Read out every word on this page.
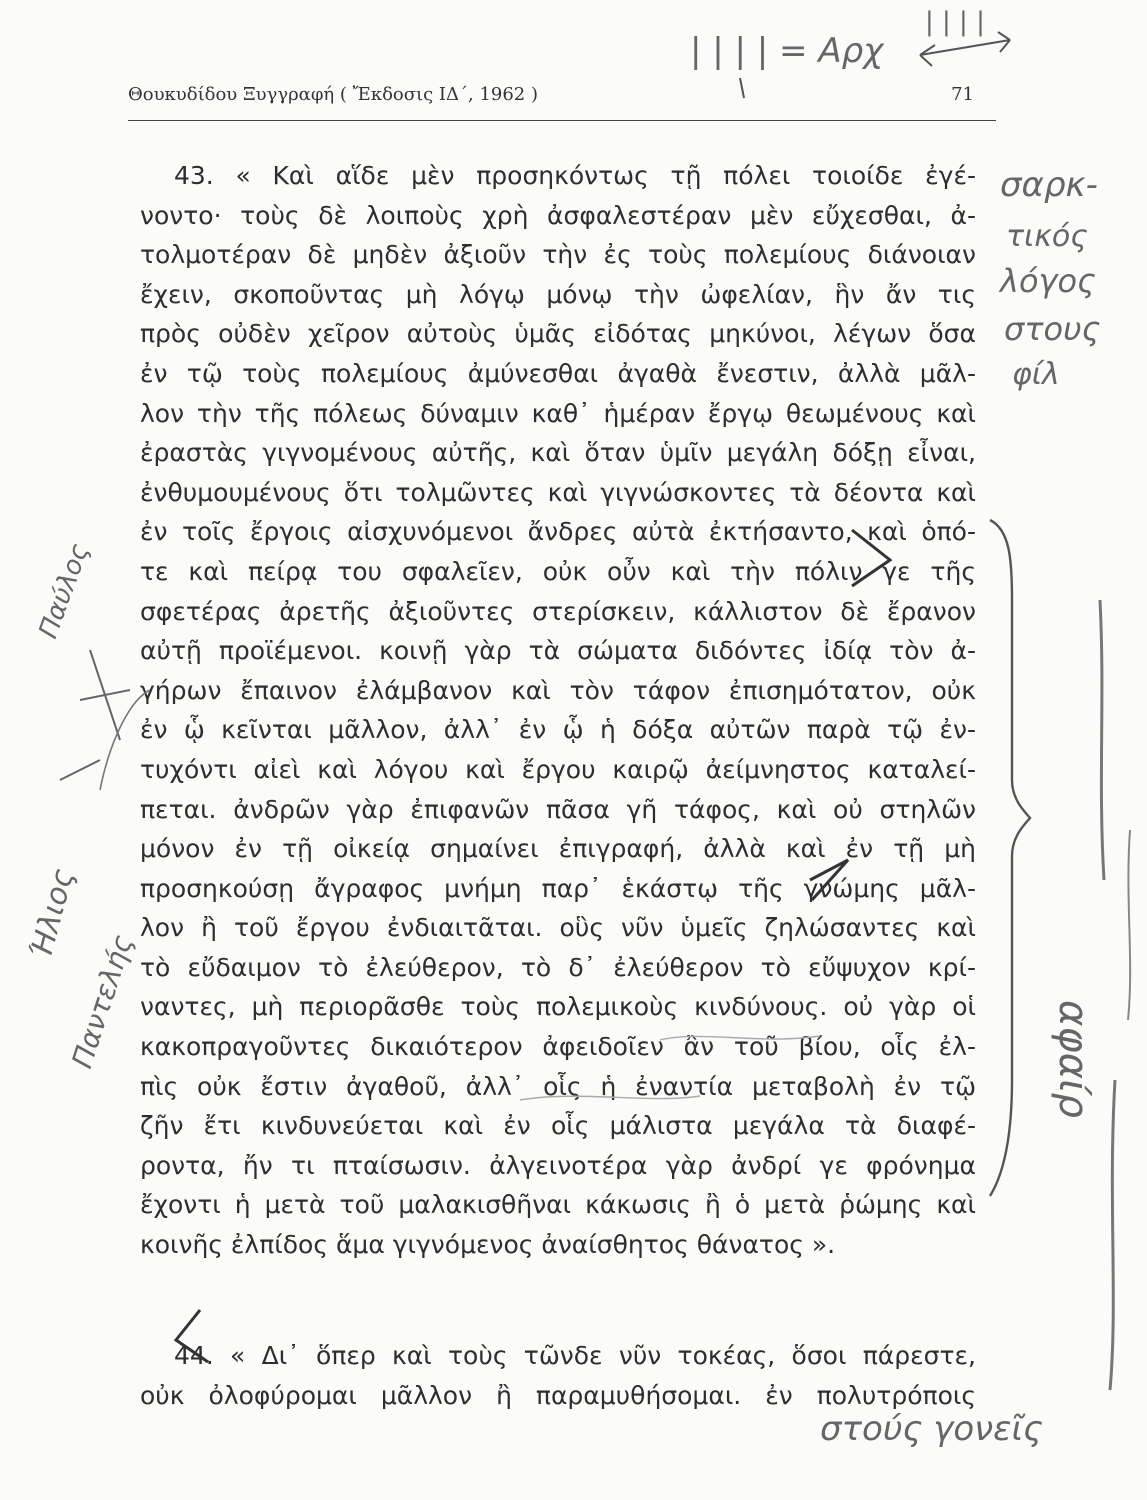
Θουκυδίδου Ξυγγραφή ( Ἔκδοσις ΙΔ΄, 1962 )	71
43. « Καὶ αἵδε μὲν προσηκόντως τῇ πόλει τοιοίδε ἐγέ-
νοντο· τοὺς δὲ λοιποὺς χρὴ ἀσφαλεστέραν μὲν εὔχεσθαι, ἀ-
τολμοτέραν δὲ μηδὲν ἀξιοῦν τὴν ἐς τοὺς πολεμίους διάνοιαν
ἔχειν, σκοποῦντας μὴ λόγῳ μόνῳ τὴν ὠφελίαν, ἣν ἄν τις
πρὸς οὐδὲν χεῖρον αὐτοὺς ὑμᾶς εἰδότας μηκύνοι, λέγων ὅσα
ἐν τῷ τοὺς πολεμίους ἀμύνεσθαι ἀγαθὰ ἔνεστιν, ἀλλὰ μᾶλ-
λον τὴν τῆς πόλεως δύναμιν καθ᾽ ἡμέραν ἔργῳ θεωμένους καὶ
ἐραστὰς γιγνομένους αὐτῆς, καὶ ὅταν ὑμῖν μεγάλη δόξῃ εἶναι,
ἐνθυμουμένους ὅτι τολμῶντες καὶ γιγνώσκοντες τὰ δέοντα καὶ
ἐν τοῖς ἔργοις αἰσχυνόμενοι ἄνδρες αὐτὰ ἐκτήσαντο, καὶ ὁπό-
τε καὶ πείρᾳ του σφαλεῖεν, οὐκ οὖν καὶ τὴν πόλιν γε τῆς
σφετέρας ἀρετῆς ἀξιοῦντες στερίσκειν, κάλλιστον δὲ ἔρανον
αὐτῇ προϊέμενοι. κοινῇ γὰρ τὰ σώματα διδόντες ἰδίᾳ τὸν ἀ-
γήρων ἔπαινον ἐλάμβανον καὶ τὸν τάφον ἐπισημότατον, οὐκ
ἐν ᾧ κεῖνται μᾶλλον, ἀλλ᾽ ἐν ᾧ ἡ δόξα αὐτῶν παρὰ τῷ ἐν-
τυχόντι αἰεὶ καὶ λόγου καὶ ἔργου καιρῷ ἀείμνηστος καταλεί-
πεται. ἀνδρῶν γὰρ ἐπιφανῶν πᾶσα γῆ τάφος, καὶ οὐ στηλῶν
μόνον ἐν τῇ οἰκείᾳ σημαίνει ἐπιγραφή, ἀλλὰ καὶ ἐν τῇ μὴ
προσηκούσῃ ἄγραφος μνήμη παρ᾽ ἑκάστῳ τῆς γνώμης μᾶλ-
λον ἢ τοῦ ἔργου ἐνδιαιτᾶται. οὓς νῦν ὑμεῖς ζηλώσαντες καὶ
τὸ εὔδαιμον τὸ ἐλεύθερον, τὸ δ᾽ ἐλεύθερον τὸ εὔψυχον κρί-
ναντες, μὴ περιορᾶσθε τοὺς πολεμικοὺς κινδύνους. οὐ γὰρ οἱ
κακοπραγοῦντες δικαιότερον ἀφειδοῖεν ἂν τοῦ βίου, οἷς ἐλ-
πὶς οὐκ ἔστιν ἀγαθοῦ, ἀλλ᾽ οἷς ἡ ἐναντία μεταβολὴ ἐν τῷ
ζῆν ἔτι κινδυνεύεται καὶ ἐν οἷς μάλιστα μεγάλα τὰ διαφέ-
ροντα, ἤν τι πταίσωσιν. ἀλγεινοτέρα γὰρ ἀνδρί γε φρόνημα
ἔχοντι ἡ μετὰ τοῦ μαλακισθῆναι κάκωσις ἢ ὁ μετὰ ῥώμης καὶ
κοινῆς ἐλπίδος ἅμα γιγνόμενος ἀναίσθητος θάνατος ».
44. « Δι᾽ ὅπερ καὶ τοὺς τῶνδε νῦν τοκέας, ὅσοι πάρεστε,
οὐκ ὀλοφύρομαι μᾶλλον ἢ παραμυθήσομαι. ἐν πολυτρόποις
| | | | = Αρχ
| | | |
σαρκ-
τικός
λόγος
στους
φίλ
αφαίρ
Ήλιος
Παντελής
Παύλος
στούς γονεῖς
